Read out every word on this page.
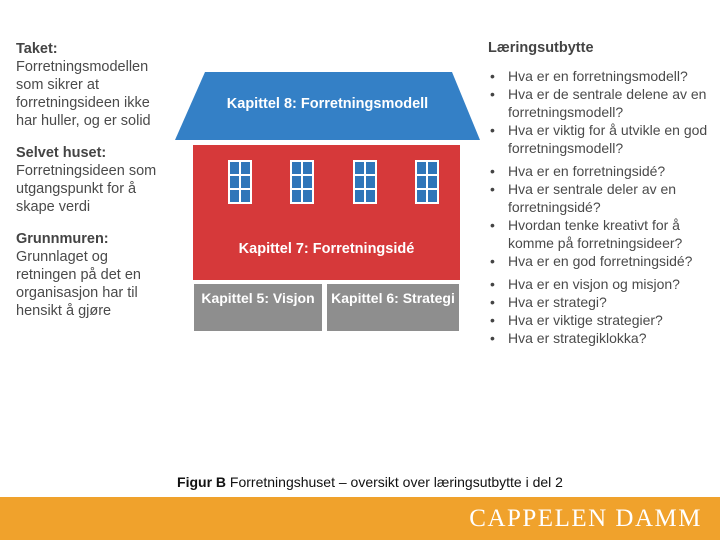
Taket:
Forretningsmodellen som sikrer at forretningsideen ikke har huller, og er solid
Selvet huset:
Forretningsideen som utgangspunkt for å skape verdi
Grunnmuren:
Grunnlaget og retningen på det en organisasjon har til hensikt å gjøre
Kapittel 8: Forretningsmodell
Kapittel 7: Forretningsidé
Kapittel 5: Visjon	Kapittel 6: Strategi
Læringsutbytte
• Hva er en forretningsmodell?
• Hva er de sentrale delene av en forretningsmodell?
• Hva er viktig for å utvikle en god forretningsmodell?
• Hva er en forretningsidé?
• Hva er sentrale deler av en forretningsidé?
• Hvordan tenke kreativt for å komme på forretningsideer?
• Hva er en god forretningsidé?
• Hva er en visjon og misjon?
• Hva er strategi?
• Hva er viktige strategier?
• Hva er strategiklokka?
Figur B Forretningshuset – oversikt over læringsutbytte i del 2
CAPPELEN DAMM
